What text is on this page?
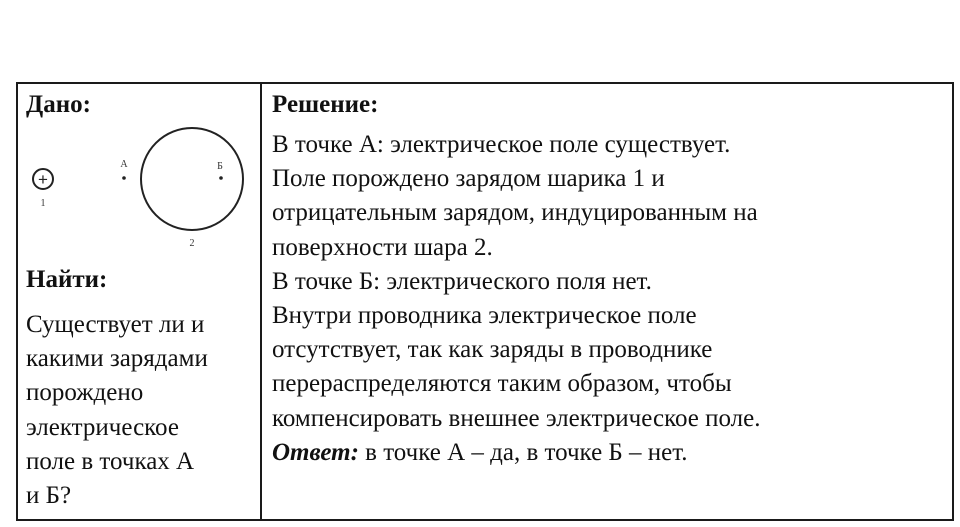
Дано:
+
1
А	Б
2
Найти:

Существует ли и

какими зарядами

порождено

электрическое

поле в точках А

и Б?

Решение:

В точке А: электрическое поле существует.

Поле порождено зарядом шарика 1 и

отрицательным зарядом, индуцированным на

поверхности шара 2.

В точке Б: электрического поля нет.

Внутри проводника электрическое поле

отсутствует, так как заряды в проводнике

перераспределяются таким образом, чтобы

компенсировать внешнее электрическое поле.

Ответ: в точке А – да, в точке Б – нет.
